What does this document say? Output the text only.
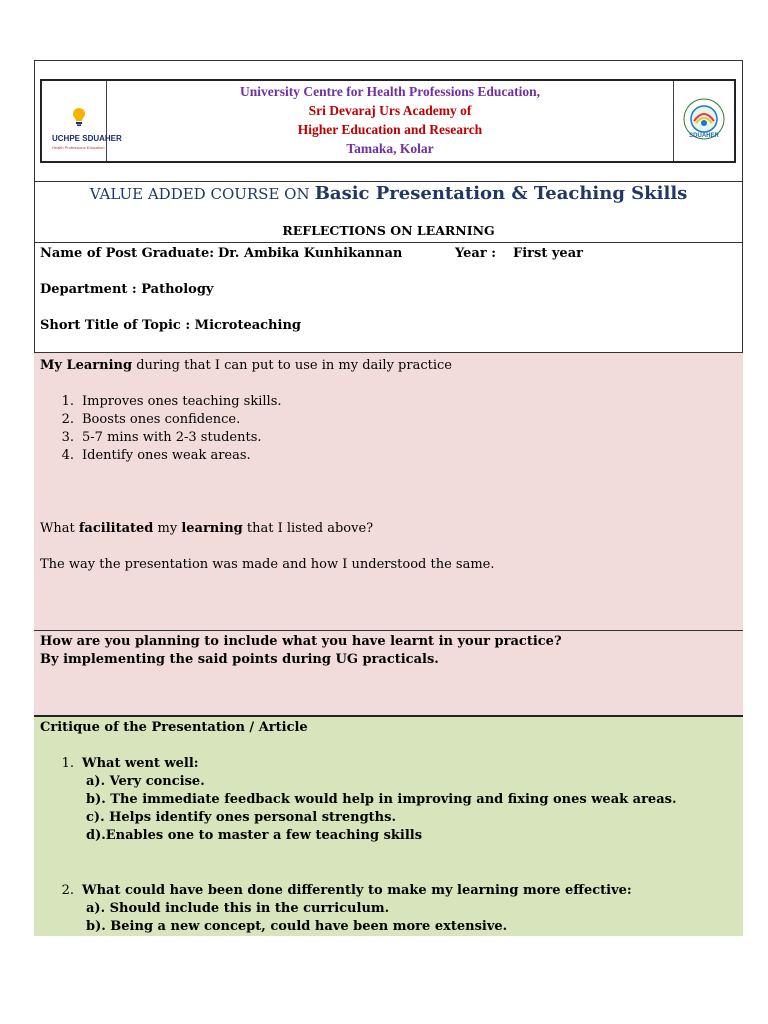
UCHPE SDUAHER
Health Professions Education
University Centre for Health Professions Education,
Sri Devaraj Urs Academy of
Higher Education and Research
Tamaka, Kolar
SDUAHER
VALUE ADDED COURSE ON Basic Presentation & Teaching Skills
REFLECTIONS ON LEARNING
Name of Post Graduate: Dr. Ambika Kunhikannan	Year : First year
Department : Pathology
Short Title of Topic : Microteaching
My Learning during that I can put to use in my daily practice
1. Improves ones teaching skills.
2. Boosts ones confidence.
3. 5-7 mins with 2-3 students.
4. Identify ones weak areas.
What facilitated my learning that I listed above?
The way the presentation was made and how I understood the same.
How are you planning to include what you have learnt in your practice?
By implementing the said points during UG practicals.
Critique of the Presentation / Article
1. What went well:
a). Very concise.
b). The immediate feedback would help in improving and fixing ones weak areas.
c). Helps identify ones personal strengths.
d).Enables one to master a few teaching skills
2. What could have been done differently to make my learning more effective:
a). Should include this in the curriculum.
b). Being a new concept, could have been more extensive.
